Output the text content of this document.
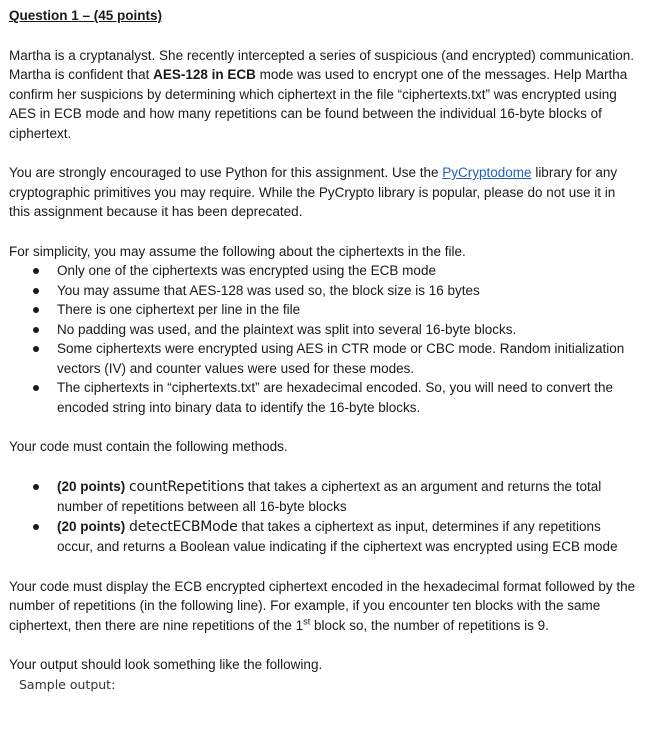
Question 1 – (45 points)

Martha is a cryptanalyst. She recently intercepted a series of suspicious (and encrypted) communication. Martha is confident that AES-128 in ECB mode was used to encrypt one of the messages. Help Martha confirm her suspicions by determining which ciphertext in the file “ciphertexts.txt” was encrypted using AES in ECB mode and how many repetitions can be found between the individual 16-byte blocks of ciphertext.

You are strongly encouraged to use Python for this assignment. Use the PyCryptodome library for any cryptographic primitives you may require. While the PyCrypto library is popular, please do not use it in this assignment because it has been deprecated.

For simplicity, you may assume the following about the ciphertexts in the file.

Only one of the ciphertexts was encrypted using the ECB mode
You may assume that AES-128 was used so, the block size is 16 bytes
There is one ciphertext per line in the file
No padding was used, and the plaintext was split into several 16-byte blocks.
Some ciphertexts were encrypted using AES in CTR mode or CBC mode. Random initialization vectors (IV) and counter values were used for these modes.
The ciphertexts in “ciphertexts.txt” are hexadecimal encoded. So, you will need to convert the encoded string into binary data to identify the 16-byte blocks.

Your code must contain the following methods.

(20 points) countRepetitions that takes a ciphertext as an argument and returns the total number of repetitions between all 16-byte blocks
(20 points) detectECBMode that takes a ciphertext as input, determines if any repetitions occur, and returns a Boolean value indicating if the ciphertext was encrypted using ECB mode

Your code must display the ECB encrypted ciphertext encoded in the hexadecimal format followed by the number of repetitions (in the following line). For example, if you encounter ten blocks with the same ciphertext, then there are nine repetitions of the 1st block so, the number of repetitions is 9.

Your output should look something like the following.

Sample output:
